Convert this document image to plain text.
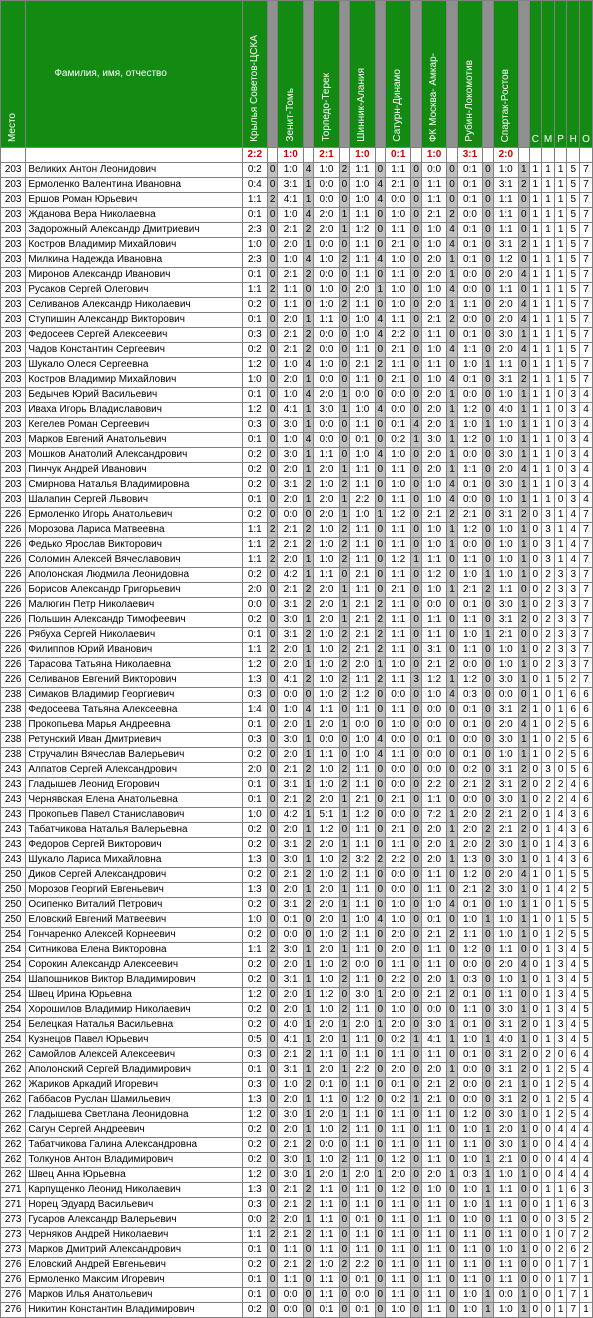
Место	Фамилия, имя, отчество	Крылья Советов-ЦСКА		Зенит-Томь		Торпедо-Терек		Шинник-Алания		Сатурн-Динамо		ФК Москва- Амкар-		Рубин-Локомотив		Спартак-Ростов		С	М	Р	Н	О
		2:2		1:0		2:1		1:0		0:1		1:0		3:1		2:0						
203	Великих Антон Леонидович	0:2	0	1:0	4	1:0	2	1:1	0	1:1	0	0:0	0	0:1	0	1:0	1	1	1	1	5	7
203	Ермоленко Валентина Ивановна	0:4	0	3:1	1	0:0	0	1:0	4	2:1	0	1:1	0	0:1	0	3:1	2	1	1	1	5	7
203	Ершов Роман Юрьевич	1:1	2	4:1	1	0:0	0	1:0	4	0:0	0	1:1	0	0:1	0	1:1	0	1	1	1	5	7
203	Жданова Вера Николаевна	0:1	0	1:0	4	2:0	1	1:1	0	1:0	0	2:1	2	0:0	0	1:1	0	1	1	1	5	7
203	Задорожный Александр Дмитриевич	2:3	0	2:1	2	2:0	1	1:2	0	1:1	0	1:0	4	0:1	0	1:1	0	1	1	1	5	7
203	Костров Владимир Михайлович	1:0	0	2:0	1	0:0	0	1:1	0	2:1	0	1:0	4	0:1	0	3:1	2	1	1	1	5	7
203	Милкина Надежда Ивановна	2:3	0	1:0	4	1:0	2	1:1	4	1:0	0	2:0	1	0:1	0	1:2	0	1	1	1	5	7
203	Миронов Александр Иванович	0:1	0	2:1	2	0:0	0	1:1	0	1:1	0	2:0	1	0:0	0	2:0	4	1	1	1	5	7
203	Русаков Сергей Олегович	1:1	2	1:1	0	1:0	0	2:0	1	1:0	0	1:0	4	0:0	0	1:1	0	1	1	1	5	7
203	Селиванов Александр Николаевич	0:2	0	1:1	0	1:0	2	1:1	0	1:0	0	2:0	1	1:1	0	2:0	4	1	1	1	5	7
203	Ступишин Александр Викторович	0:1	0	2:0	1	1:1	0	1:0	4	1:1	0	2:1	2	0:0	0	2:0	4	1	1	1	5	7
203	Федосеев Сергей Алексеевич	0:3	0	2:1	2	0:0	0	1:0	4	2:2	0	1:1	0	0:1	0	3:0	1	1	1	1	5	7
203	Чадов Константин Сергеевич	0:2	0	2:1	2	0:0	0	1:1	0	2:1	0	1:0	4	1:1	0	2:0	4	1	1	1	5	7
203	Шукало Олеся Сергеевна	1:2	0	1:0	4	1:0	0	2:1	2	1:1	0	1:1	0	1:0	1	1:1	0	1	1	1	5	7
203	Костров Владимир Михайлович	1:0	0	2:0	1	0:0	0	1:1	0	2:1	0	1:0	4	0:1	0	3:1	2	1	1	1	5	7
203	Бедычев Юрий Васильевич	0:1	0	1:0	4	2:0	1	0:0	0	0:0	0	2:0	1	0:0	0	1:0	1	1	1	0	3	4
203	Иваха Игорь Владиславович	1:2	0	4:1	1	3:0	1	1:0	4	0:0	0	2:0	1	1:2	0	4:0	1	1	1	0	3	4
203	Кегелев Роман Сергеевич	0:3	0	3:0	1	0:0	0	1:1	0	0:1	4	2:0	1	1:0	1	1:0	1	1	1	0	3	4
203	Марков Евгений Анатольевич	0:1	0	1:0	4	0:0	0	0:1	0	0:2	1	3:0	1	1:2	0	1:0	1	1	1	0	3	4
203	Мошков Анатолий Александрович	0:2	0	3:0	1	1:1	0	1:0	4	1:0	0	2:0	1	0:0	0	3:0	1	1	1	0	3	4
203	Пинчук Андрей Иванович	0:2	0	2:0	1	2:0	1	1:1	0	1:1	0	2:0	1	1:1	0	2:0	4	1	1	0	3	4
203	Смирнова Наталья Владимировна	0:2	0	3:1	2	1:0	2	1:1	0	1:0	0	1:0	4	0:1	0	3:0	1	1	1	0	3	4
203	Шалапин Сергей Львович	0:1	0	2:0	1	2:0	1	2:2	0	1:1	0	1:0	4	0:0	0	1:0	1	1	1	0	3	4
226	Ермоленко Игорь Анатольевич	0:2	0	0:0	0	2:0	1	1:0	1	1:2	0	2:1	2	2:1	0	3:1	2	0	3	1	4	7
226	Морозова Лариса Матвеевна	1:1	2	2:1	2	1:0	2	1:1	0	1:1	0	1:0	1	1:2	0	1:0	1	0	3	1	4	7
226	Федько Ярослав Викторович	1:1	2	2:1	2	1:0	2	1:1	0	1:1	0	1:0	1	0:0	0	1:0	1	0	3	1	4	7
226	Соломин Алексей Вячеславович	1:1	2	2:0	1	1:0	2	1:1	0	1:2	1	1:1	0	1:1	0	1:0	1	0	3	1	4	7
226	Аполонская Людмила Леонидовна	0:2	0	4:2	1	1:1	0	2:1	0	1:1	0	1:2	0	1:0	1	1:0	1	0	2	3	3	7
226	Борисов Александр Григорьевич	2:0	0	2:1	2	2:0	1	1:1	0	2:1	0	1:0	1	2:1	2	1:1	0	0	2	3	3	7
226	Малюгин Петр Николаевич	0:0	0	3:1	2	2:0	1	2:1	2	1:1	0	0:0	0	0:1	0	3:0	1	0	2	3	3	7
226	Польшин Александр Тимофеевич	0:2	0	3:0	1	2:0	1	2:1	2	1:1	0	1:1	0	1:1	0	3:1	2	0	2	3	3	7
226	Рябуха Сергей Николаевич	0:1	0	3:1	2	1:0	2	2:1	2	1:1	0	1:1	0	1:0	1	2:1	0	0	2	3	3	7
226	Филиппов Юрий Иванович	1:1	2	2:0	1	1:0	2	2:1	2	1:1	0	3:1	0	1:1	0	1:0	1	0	2	3	3	7
226	Тарасова Татьяна Николаевна	1:2	0	2:0	1	1:0	2	2:0	1	1:0	0	2:1	2	0:0	0	1:0	1	0	2	3	3	7
226	Селиванов Евгений Викторович	1:3	0	4:1	2	1:0	2	1:1	2	1:1	3	1:2	1	1:2	0	3:0	1	0	1	5	2	7
238	Симаков Владимир Георгиевич	0:3	0	0:0	0	1:0	2	1:2	0	0:0	0	1:0	4	0:3	0	0:0	0	1	0	1	6	6
238	Федосеева Татьяна Алексеевна	1:4	0	1:0	4	1:1	0	1:1	0	1:1	0	0:0	0	0:1	0	3:1	2	1	0	1	6	6
238	Прокопьева Марья Андреевна	0:1	0	2:0	1	2:0	1	0:0	0	1:0	0	0:0	0	0:1	0	2:0	4	1	0	2	5	6
238	Ретунский Иван Дмитриевич	0:3	0	3:0	1	0:0	0	1:0	4	0:0	0	0:1	0	0:0	0	3:0	1	1	0	2	5	6
238	Стручалин Вячеслав Валерьевич	0:2	0	2:0	1	1:1	0	1:0	4	1:1	0	0:0	0	0:1	0	1:0	1	1	0	2	5	6
243	Алпатов Сергей Александрович	2:0	0	2:1	2	1:0	2	1:1	0	0:0	0	0:0	0	0:2	0	3:1	2	0	3	0	5	6
243	Гладышев Леонид Егорович	0:1	0	3:1	1	1:0	2	1:1	0	0:0	0	2:2	0	2:1	2	3:1	2	0	2	2	4	6
243	Чернявская Елена Анатольевна	0:1	0	2:1	2	2:0	1	2:1	0	2:1	0	1:1	0	0:0	0	3:0	1	0	2	2	4	6
243	Прокопьев Павел Станиславович	1:0	0	4:2	1	5:1	1	1:2	0	0:0	0	7:2	1	2:0	2	2:1	2	0	1	4	3	6
243	Табатчикова Наталья Валерьевна	0:2	0	2:0	1	1:2	0	1:1	0	2:1	0	2:0	1	2:0	2	2:1	2	0	1	4	3	6
243	Федоров Сергей Викторович	0:2	0	3:1	2	2:0	1	1:1	0	1:1	0	2:0	1	2:0	2	3:0	1	0	1	4	3	6
243	Шукало Лариса Михайловна	1:3	0	3:0	1	1:0	2	3:2	2	2:2	0	2:0	1	1:3	0	3:0	1	0	1	4	3	6
250	Диков Сергей Александрович	0:2	0	2:1	2	1:0	2	1:1	0	0:0	0	1:1	0	1:2	0	2:0	4	1	0	1	5	5
250	Морозов Георгий Евгеньевич	1:3	0	2:0	1	2:0	1	1:1	0	0:0	0	1:1	0	2:1	2	3:0	1	0	1	4	2	5
250	Осипенко Виталий Петрович	0:2	0	3:1	2	2:0	1	1:1	0	1:0	0	1:0	4	0:1	0	1:0	1	1	0	1	5	5
250	Еловский Евгений Матвеевич	1:0	0	0:1	0	2:0	1	1:0	4	1:0	0	0:1	0	1:0	1	1:0	1	1	0	1	5	5
254	Гончаренко Алексей Корнеевич	0:2	0	0:0	0	1:0	2	1:1	0	2:0	0	2:1	2	1:1	0	1:0	1	0	1	2	5	5
254	Ситникова Елена Викторовна	1:1	2	3:0	1	2:0	1	1:1	0	2:0	0	1:1	0	1:2	0	1:1	0	0	1	3	4	5
254	Сорокин Александр Алексеевич	0:2	0	2:0	1	1:0	2	0:0	0	1:1	0	1:1	0	0:0	0	2:0	4	0	1	3	4	5
254	Шапошников Виктор Владимирович	0:2	0	3:1	1	1:0	2	1:1	0	2:2	0	2:0	1	0:3	0	1:0	1	0	1	3	4	5
254	Швец Ирина Юрьевна	1:2	0	2:0	1	1:2	0	3:0	1	2:0	0	2:1	2	0:1	0	1:1	0	0	1	3	4	5
254	Хорошилов Владимир Николаевич	0:2	0	2:0	1	1:0	2	1:1	0	1:0	0	0:0	0	1:1	0	3:0	1	0	1	3	4	5
254	Белецкая Наталья Васильевна	0:2	0	4:0	1	2:0	1	2:0	1	2:0	0	3:0	1	0:1	0	3:1	2	0	1	3	4	5
254	Кузнецов Павел Юрьевич	0:5	0	4:1	1	2:0	1	1:1	0	0:2	1	4:1	1	1:0	1	4:0	1	0	1	3	4	5
262	Самойлов Алексей Алексеевич	0:3	0	2:1	2	1:1	0	1:1	0	1:1	0	1:1	0	0:1	0	3:1	2	0	2	0	6	4
262	Аполонский Сергей Владимирович	0:1	0	3:1	1	2:0	1	2:2	0	2:0	0	2:0	1	0:0	0	3:1	2	0	1	2	5	4
262	Жариков Аркадий Игоревич	0:3	0	1:0	2	0:1	0	1:1	0	0:1	0	2:1	2	0:0	0	2:1	1	0	1	2	5	4
262	Габбасов Руслан Шамильевич	1:3	0	2:0	1	1:1	0	1:2	0	0:2	1	2:1	0	0:0	0	3:1	2	0	1	2	5	4
262	Гладышева Светлана Леонидовна	1:2	0	3:0	1	2:0	1	1:1	0	1:1	0	1:1	0	1:2	0	3:0	1	0	1	2	5	4
262	Сагун Сергей Андреевич	0:2	0	2:0	1	1:0	2	1:1	0	1:1	0	1:1	0	1:0	1	2:0	1	0	0	4	4	4
262	Табатчикова Галина Александровна	0:2	0	2:1	2	0:0	0	1:1	0	1:1	0	1:1	0	1:1	0	3:0	1	0	0	4	4	4
262	Толкунов Антон Владимирович	0:2	0	3:0	1	1:0	2	1:1	0	1:2	0	1:1	0	1:0	1	2:1	0	0	0	4	4	4
262	Швец Анна Юрьевна	1:2	0	3:0	1	2:0	1	2:0	1	2:0	0	2:0	1	0:3	1	1:0	1	0	0	4	4	4
271	Карпущенко Леонид Николаевич	1:3	0	2:1	2	1:1	0	1:1	0	1:2	0	1:0	0	1:0	1	1:1	0	0	1	1	6	3
271	Норец Эдуард Васильевич	0:3	0	2:1	2	1:1	0	1:1	0	1:1	0	1:1	0	1:0	1	1:1	0	0	1	1	6	3
273	Гусаров Александр Валерьевич	0:0	2	2:0	1	1:1	0	0:1	0	1:1	0	1:1	0	1:0	0	1:1	0	0	0	3	5	2
273	Черняков Андрей Николаевич	1:1	2	2:1	2	1:1	0	1:1	0	1:1	0	1:1	0	1:1	0	1:1	0	0	1	0	7	2
273	Марков Дмитрий Александрович	0:1	0	1:1	0	1:1	0	1:1	0	1:1	0	1:1	0	1:1	0	1:0	1	0	0	2	6	2
276	Еловский Андрей Евгеньевич	0:2	0	2:1	2	1:0	2	2:2	0	1:1	0	1:1	0	1:1	0	1:1	0	0	0	1	7	1
276	Ермоленко Максим Игоревич	0:1	0	1:1	0	1:1	0	0:1	0	1:1	0	1:1	0	1:1	0	1:1	0	0	0	1	7	1
276	Марков Илья Анатольевич	0:1	0	0:0	0	1:1	0	0:0	0	1:1	0	1:1	0	1:0	1	0:0	1	0	0	1	7	1
276	Никитин Константин Владимирович	0:2	0	0:0	0	0:1	0	0:1	0	1:0	0	1:1	0	1:0	1	1:0	1	0	0	1	7	1
